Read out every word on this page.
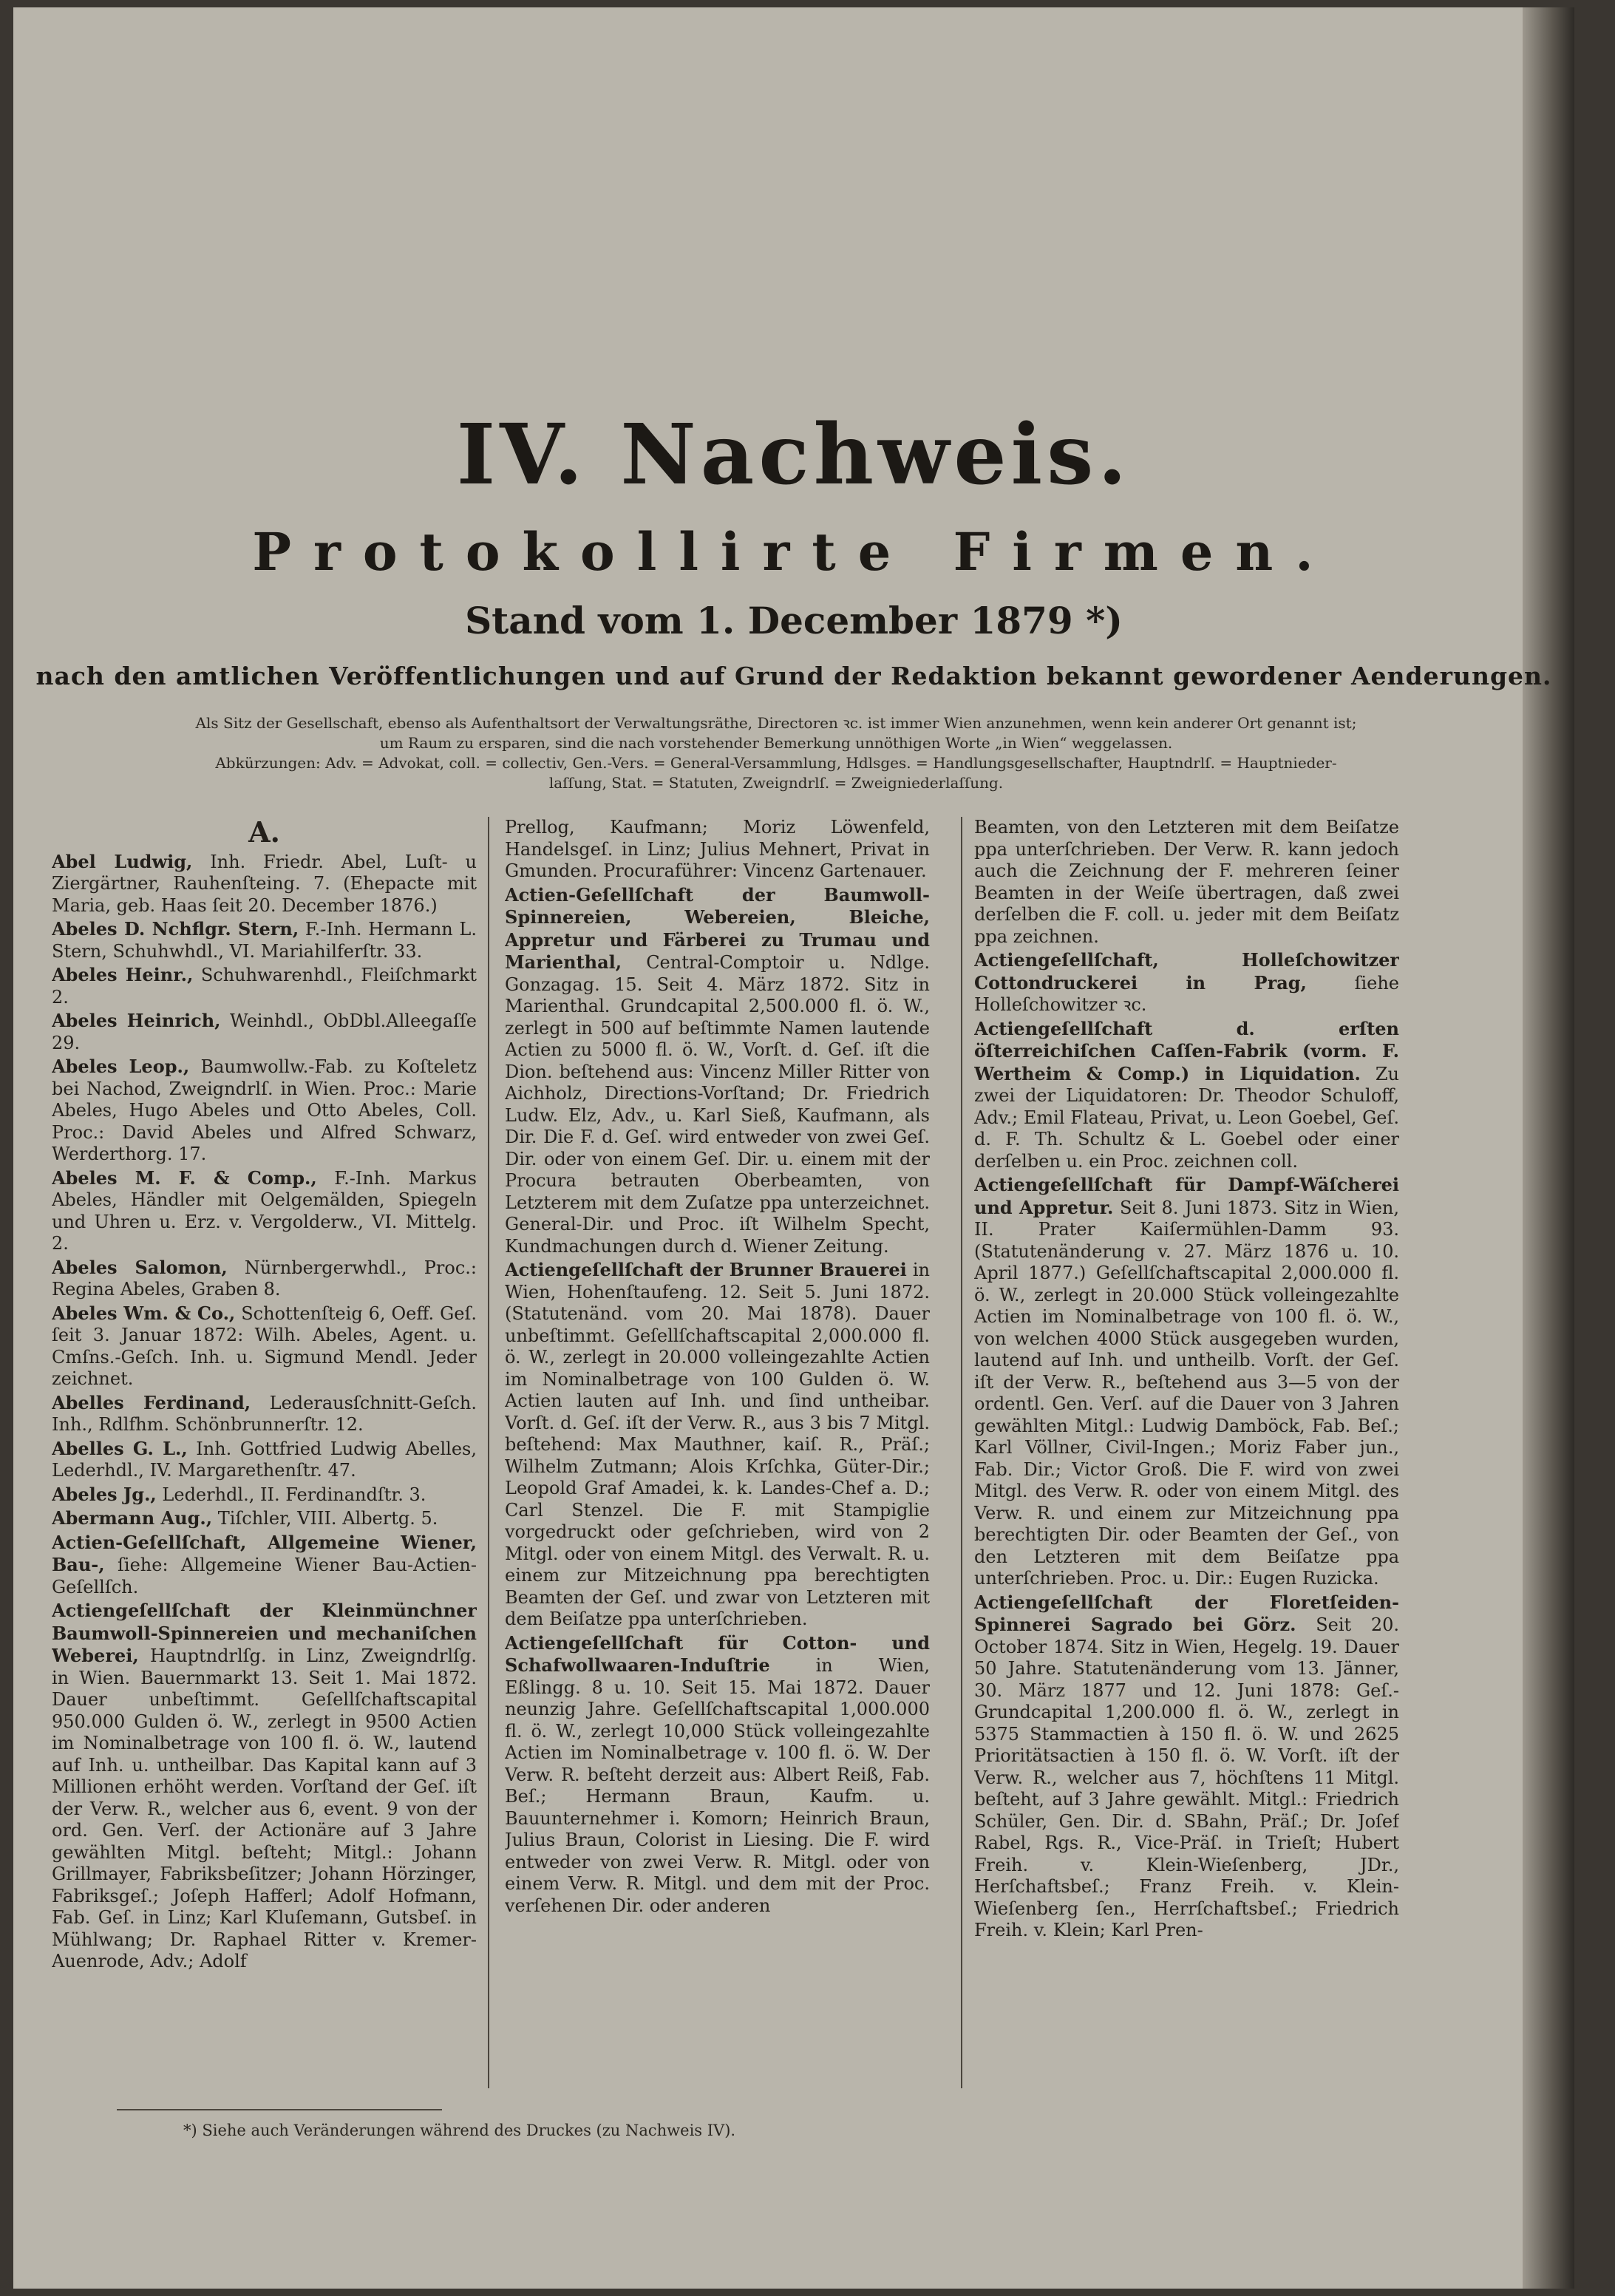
IV. Nachweis.
Protokollirte Firmen.
Stand vom 1. December 1879 *)
nach den amtlichen Veröffentlichungen und auf Grund der Redaktion bekannt gewordener Aenderungen.
Als Sitz der Gesellschaft, ebenso als Aufenthaltsort der Verwaltungsräthe, Directoren ꝛc. ist immer Wien anzunehmen, wenn kein anderer Ort genannt ist;
um Raum zu ersparen, sind die nach vorstehender Bemerkung unnöthigen Worte „in Wien“ weggelassen.
Abkürzungen: Adv. = Advokat, coll. = collectiv, Gen.-Vers. = General-Versammlung, Hdlsges. = Handlungsgesellschafter, Hauptndrlſ. = Hauptnieder-
laſſung, Stat. = Statuten, Zweigndrlſ. = Zweigniederlaſſung.
A.
Abel Ludwig, Inh. Friedr. Abel, Luſt- u Ziergärtner, Rauhenſteing. 7. (Ehepacte mit Maria, geb. Haas ſeit 20. December 1876.)
Abeles D. Nchflgr. Stern, F.-Inh. Hermann L. Stern, Schuhwhdl., VI. Mariahilferſtr. 33.
Abeles Heinr., Schuhwarenhdl., Fleiſchmarkt 2.
Abeles Heinrich, Weinhdl., ObDbl.Alleegaſſe 29.
Abeles Leop., Baumwollw.-Fab. zu Koſteletz bei Nachod, Zweigndrlſ. in Wien. Proc.: Marie Abeles, Hugo Abeles und Otto Abeles, Coll. Proc.: David Abeles und Alfred Schwarz, Werderthorg. 17.
Abeles M. F. & Comp., F.-Inh. Markus Abeles, Händler mit Oelgemälden, Spiegeln und Uhren u. Erz. v. Vergolderw., VI. Mittelg. 2.
Abeles Salomon, Nürnbergerwhdl., Proc.: Regina Abeles, Graben 8.
Abeles Wm. & Co., Schottenſteig 6, Oeff. Geſ. ſeit 3. Januar 1872: Wilh. Abeles, Agent. u. Cmſns.-Geſch. Inh. u. Sigmund Mendl. Jeder zeichnet.
Abelles Ferdinand, Lederausſchnitt-Geſch. Inh., Rdlfhm. Schönbrunnerſtr. 12.
Abelles G. L., Inh. Gottfried Ludwig Abelles, Lederhdl., IV. Margarethenſtr. 47.
Abeles Jg., Lederhdl., II. Ferdinandſtr. 3.
Abermann Aug., Tiſchler, VIII. Albertg. 5.
Actien-Geſellſchaft, Allgemeine Wiener, Bau-, ſiehe: Allgemeine Wiener Bau-Actien-Geſellſch.
Actiengeſellſchaft der Kleinmünchner Baumwoll-Spinnereien und mechaniſchen Weberei, Hauptndrlſg. in Linz, Zweigndrlſg. in Wien. Bauernmarkt 13. Seit 1. Mai 1872. Dauer unbeſtimmt. Geſellſchaftscapital 950.000 Gulden ö. W., zerlegt in 9500 Actien im Nominalbetrage von 100 fl. ö. W., lautend auf Inh. u. untheilbar. Das Kapital kann auf 3 Millionen erhöht werden. Vorſtand der Geſ. iſt der Verw. R., welcher aus 6, event. 9 von der ord. Gen. Verſ. der Actionäre auf 3 Jahre gewählten Mitgl. beſteht; Mitgl.: Johann Grillmayer, Fabriksbeſitzer; Johann Hörzinger, Fabriksgeſ.; Joſeph Hafferl; Adolf Hofmann, Fab. Geſ. in Linz; Karl Kluſemann, Gutsbeſ. in Mühlwang; Dr. Raphael Ritter v. Kremer-Auenrode, Adv.; Adolf
Prellog, Kaufmann; Moriz Löwenfeld, Handelsgeſ. in Linz; Julius Mehnert, Privat in Gmunden. Procuraführer: Vincenz Gartenauer.
Actien-Geſellſchaft der Baumwoll-Spinnereien, Webereien, Bleiche, Appretur und Färberei zu Trumau und Marienthal, Central-Comptoir u. Ndlge. Gonzagag. 15. Seit 4. März 1872. Sitz in Marienthal. Grundcapital 2,500.000 fl. ö. W., zerlegt in 500 auf beſtimmte Namen lautende Actien zu 5000 fl. ö. W., Vorſt. d. Geſ. iſt die Dion. beſtehend aus: Vincenz Miller Ritter von Aichholz, Directions-Vorſtand; Dr. Friedrich Ludw. Elz, Adv., u. Karl Sieß, Kaufmann, als Dir. Die F. d. Geſ. wird entweder von zwei Geſ. Dir. oder von einem Geſ. Dir. u. einem mit der Procura betrauten Oberbeamten, von Letzterem mit dem Zuſatze ppa unterzeichnet. General-Dir. und Proc. iſt Wilhelm Specht, Kundmachungen durch d. Wiener Zeitung.
Actiengeſellſchaft der Brunner Brauerei in Wien, Hohenſtaufeng. 12. Seit 5. Juni 1872. (Statutenänd. vom 20. Mai 1878). Dauer unbeſtimmt. Geſellſchaftscapital 2,000.000 fl. ö. W., zerlegt in 20.000 volleingezahlte Actien im Nominalbetrage von 100 Gulden ö. W. Actien lauten auf Inh. und ſind untheibar. Vorſt. d. Geſ. iſt der Verw. R., aus 3 bis 7 Mitgl. beſtehend: Max Mauthner, kaiſ. R., Präſ.; Wilhelm Zutmann; Alois Krſchka, Güter-Dir.; Leopold Graf Amadei, k. k. Landes-Chef a. D.; Carl Stenzel. Die F. mit Stampiglie vorgedruckt oder geſchrieben, wird von 2 Mitgl. oder von einem Mitgl. des Verwalt. R. u. einem zur Mitzeichnung ppa berechtigten Beamten der Geſ. und zwar von Letzteren mit dem Beiſatze ppa unterſchrieben.
Actiengeſellſchaft für Cotton- und Schafwollwaaren-Induſtrie	in Wien, Eßlingg. 8 u. 10. Seit 15. Mai 1872. Dauer neunzig Jahre. Geſellſchaftscapital 1,000.000 fl. ö. W., zerlegt 10,000 Stück volleingezahlte Actien im Nominalbetrage v. 100 fl. ö. W. Der Verw. R. beſteht derzeit aus: Albert Reiß, Fab. Beſ.; Hermann Braun, Kaufm. u. Bauunternehmer i. Komorn; Heinrich Braun, Julius Braun, Colorist in Liesing. Die F. wird entweder von zwei Verw. R. Mitgl. oder von einem Verw. R. Mitgl. und dem mit der Proc. verſehenen Dir. oder anderen
Beamten, von den Letzteren mit dem Beiſatze ppa unterſchrieben. Der Verw. R. kann jedoch auch die Zeichnung der F. mehreren ſeiner Beamten in der Weiſe übertragen, daß zwei derſelben die F. coll. u. jeder mit dem Beiſatz ppa zeichnen.
Actiengeſellſchaft, Holleſchowitzer Cottondruckerei in Prag,	ſiehe Holleſchowitzer ꝛc.
Actiengeſellſchaft d. erſten öſterreichiſchen Caſſen-Fabrik (vorm. F. Wertheim & Comp.) in Liquidation. Zu zwei der Liquidatoren: Dr. Theodor Schuloff, Adv.; Emil Flateau, Privat, u. Leon Goebel, Geſ. d. F. Th. Schultz & L. Goebel oder einer derſelben u. ein Proc. zeichnen coll.
Actiengeſellſchaft für Dampf-Wäſcherei und Appretur. Seit 8. Juni 1873. Sitz in Wien, II. Prater Kaiſermühlen-Damm 93. (Statutenänderung v. 27. März 1876 u. 10. April 1877.) Geſellſchaftscapital 2,000.000 fl. ö. W., zerlegt in 20.000 Stück volleingezahlte Actien im Nominalbetrage von 100 fl. ö. W., von welchen 4000 Stück ausgegeben wurden, lautend auf Inh. und untheilb. Vorſt. der Geſ. iſt der Verw. R., beſtehend aus 3—5 von der ordentl. Gen. Verſ. auf die Dauer von 3 Jahren gewählten Mitgl.: Ludwig Damböck, Fab. Beſ.; Karl Völlner, Civil-Ingen.; Moriz Faber jun., Fab. Dir.; Victor Groß. Die F. wird von zwei Mitgl. des Verw. R. oder von einem Mitgl. des Verw. R. und einem zur Mitzeichnung ppa berechtigten Dir. oder Beamten der Geſ., von den Letzteren mit dem Beiſatze ppa unterſchrieben. Proc. u. Dir.: Eugen Ruzicka.
Actiengeſellſchaft der Floretſeiden-Spinnerei Sagrado bei Görz. Seit 20. October 1874. Sitz in Wien, Hegelg. 19. Dauer 50 Jahre. Statutenänderung vom 13. Jänner, 30. März 1877 und 12. Juni 1878: Geſ.-Grundcapital 1,200.000 fl. ö. W., zerlegt in 5375 Stammactien à 150 fl. ö. W. und 2625 Prioritätsactien à 150 fl. ö. W. Vorſt. iſt der Verw. R., welcher aus 7, höchſtens 11 Mitgl. beſteht, auf 3 Jahre gewählt. Mitgl.: Friedrich Schüler, Gen. Dir. d. SBahn, Präſ.; Dr. Joſef Rabel, Rgs. R., Vice-Präſ. in Trieſt; Hubert Freih. v. Klein-Wieſenberg, JDr., Herſchaftsbeſ.; Franz Freih. v. Klein-Wieſenberg ſen., Herrſchaftsbeſ.; Friedrich Freih. v. Klein; Karl Pren-
*) Siehe auch Veränderungen während des Druckes (zu Nachweis IV).
